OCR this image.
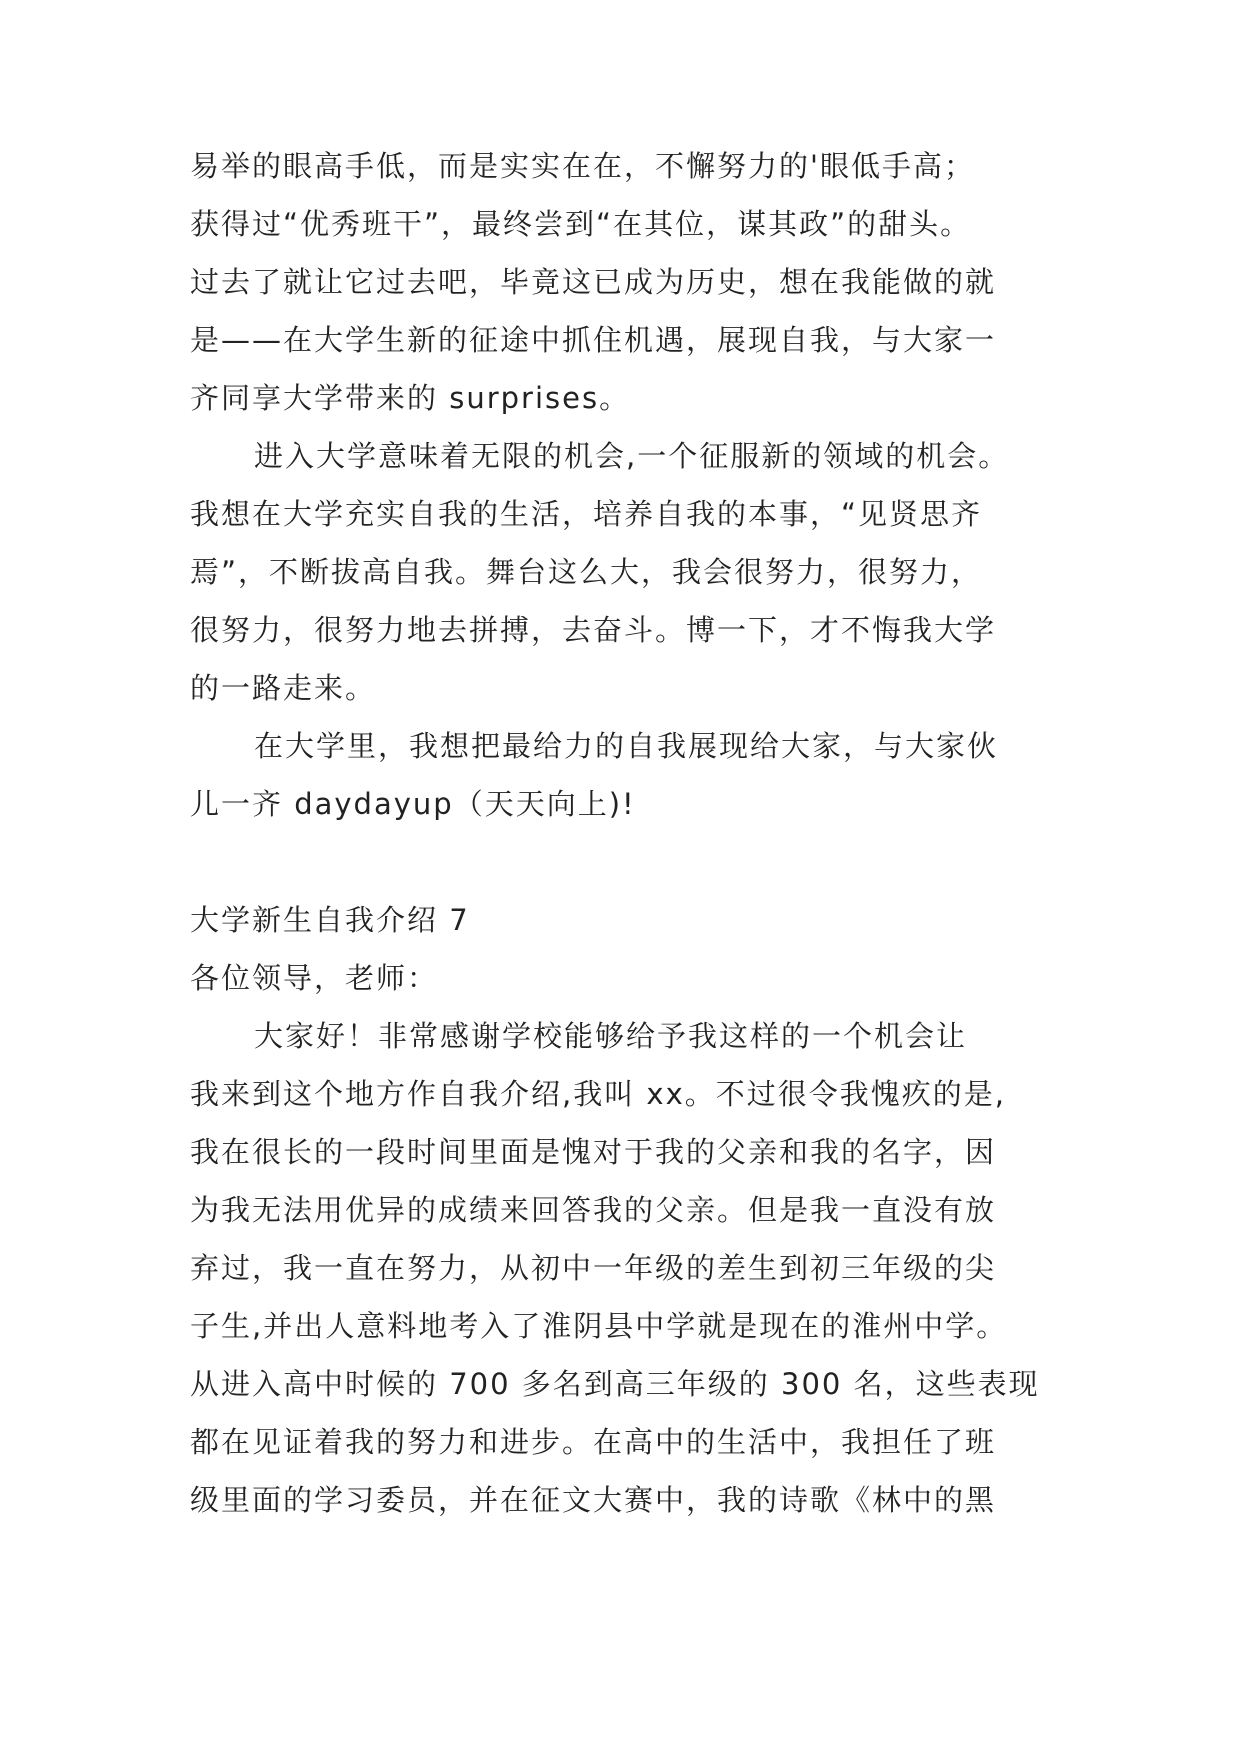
易举的眼高手低，而是实实在在，不懈努力的'眼低手高；
获得过“优秀班干”，最终尝到“在其位，谋其政”的甜头。
过去了就让它过去吧，毕竟这已成为历史，想在我能做的就
是——在大学生新的征途中抓住机遇，展现自我，与大家一
齐同享大学带来的 surprises。
进入大学意味着无限的机会,一个征服新的领域的机会。
我想在大学充实自我的生活，培养自我的本事，“见贤思齐
焉”，不断拔高自我。舞台这么大，我会很努力，很努力，
很努力，很努力地去拼搏，去奋斗。博一下，才不悔我大学
的一路走来。
在大学里，我想把最给力的自我展现给大家，与大家伙
儿一齐 daydayup（天天向上)!
大学新生自我介绍 7
各位领导，老师：
大家好！非常感谢学校能够给予我这样的一个机会让
我来到这个地方作自我介绍,我叫 xx。不过很令我愧疚的是,
我在很长的一段时间里面是愧对于我的父亲和我的名字，因
为我无法用优异的成绩来回答我的父亲。但是我一直没有放
弃过，我一直在努力，从初中一年级的差生到初三年级的尖
子生,并出人意料地考入了淮阴县中学就是现在的淮州中学。
从进入高中时候的 700 多名到高三年级的 300 名，这些表现
都在见证着我的努力和进步。在高中的生活中，我担任了班
级里面的学习委员，并在征文大赛中，我的诗歌《林中的黑
